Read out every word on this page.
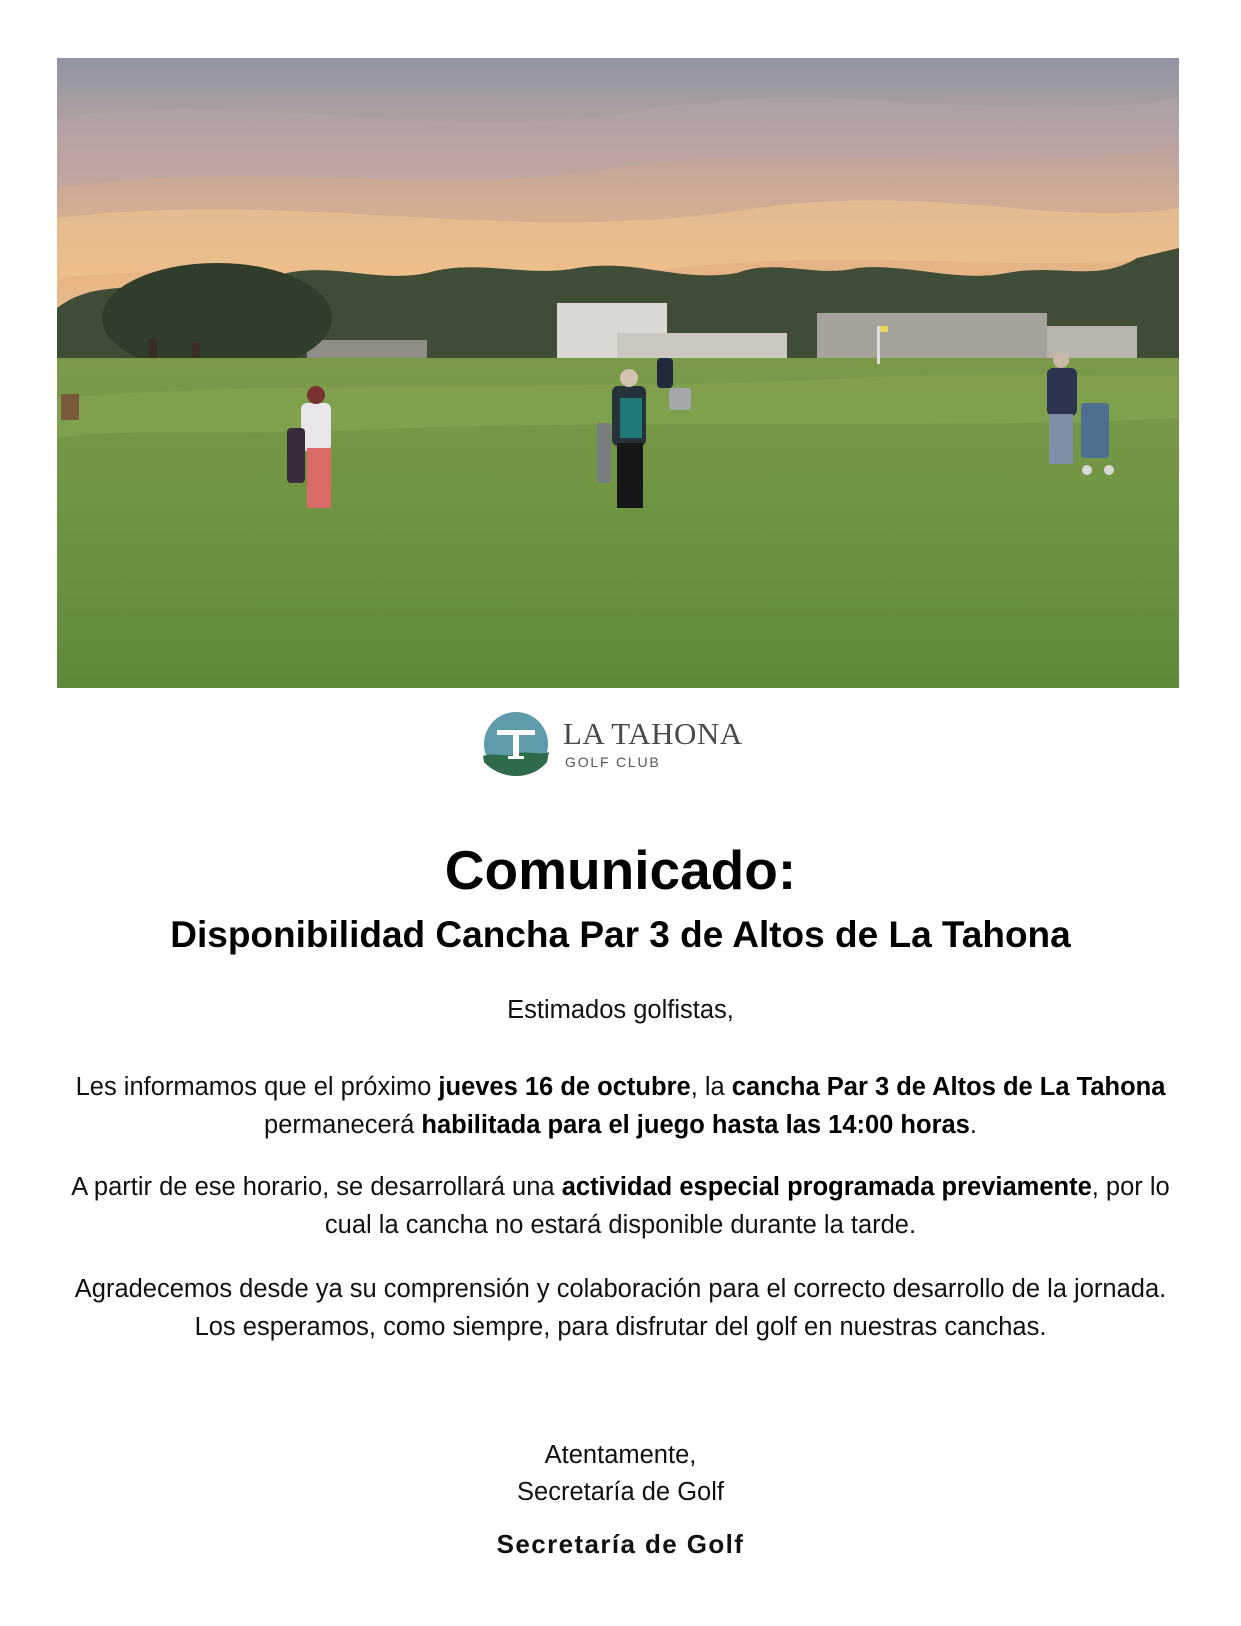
LA TAHONA
GOLF CLUB
Comunicado:
Disponibilidad Cancha Par 3 de Altos de La Tahona

Estimados golfistas,

Les informamos que el próximo jueves 16 de octubre, la cancha Par 3 de Altos de La Tahona permanecerá habilitada para el juego hasta las 14:00 horas.

A partir de ese horario, se desarrollará una actividad especial programada previamente, por lo cual la cancha no estará disponible durante la tarde.

Agradecemos desde ya su comprensión y colaboración para el correcto desarrollo de la jornada. Los esperamos, como siempre, para disfrutar del golf en nuestras canchas.

Atentamente,

Secretaría de Golf

Secretaría de Golf
